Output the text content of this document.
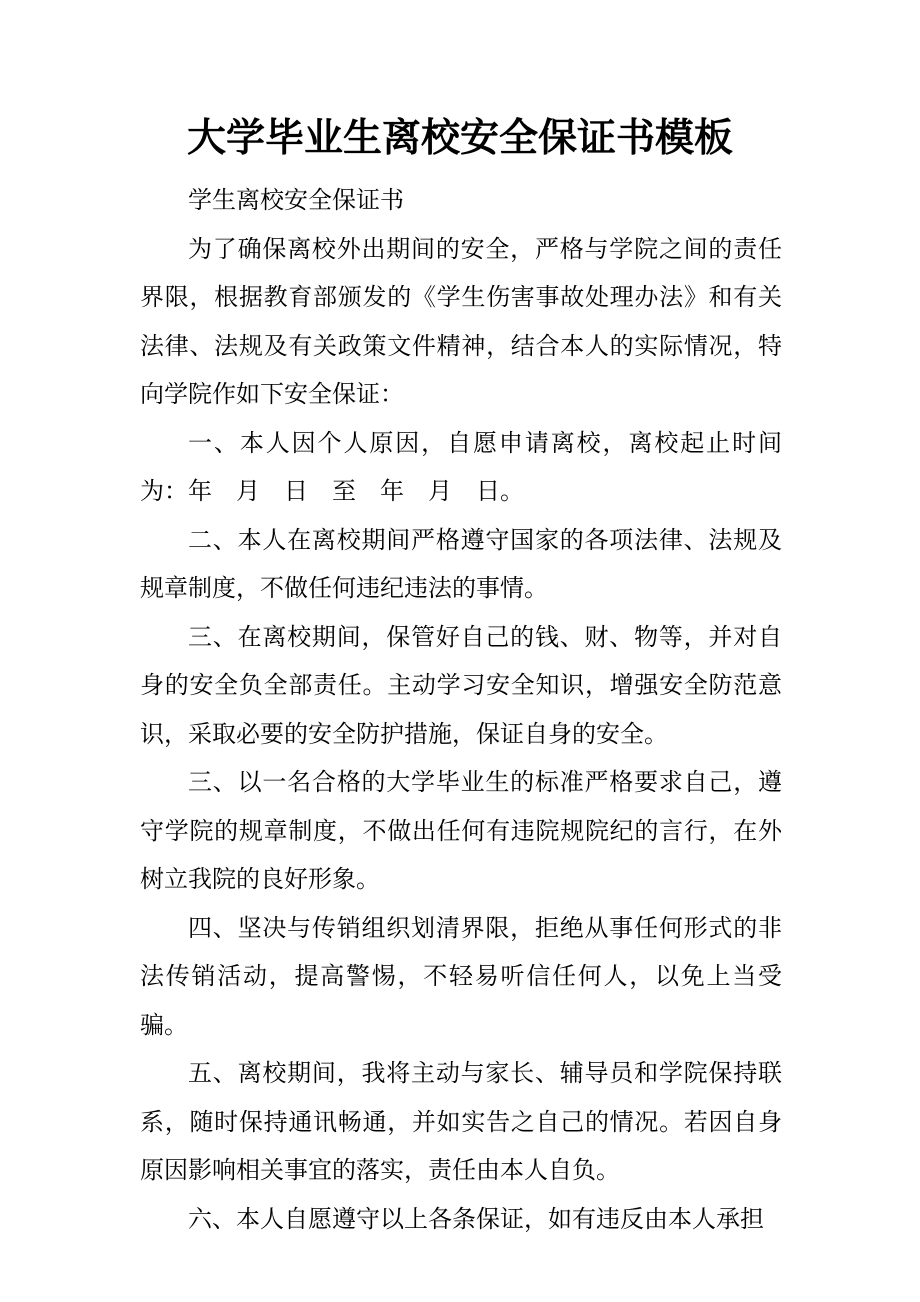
大学毕业生离校安全保证书模板

学生离校安全保证书

为了确保离校外出期间的安全，严格与学院之间的责任界限，根据教育部颁发的《学生伤害事故处理办法》和有关法律、法规及有关政策文件精神，结合本人的实际情况，特向学院作如下安全保证：

一、本人因个人原因，自愿申请离校，离校起止时间为：年　月　日　至　年　月　日。

二、本人在离校期间严格遵守国家的各项法律、法规及规章制度，不做任何违纪违法的事情。

三、在离校期间，保管好自己的钱、财、物等，并对自身的安全负全部责任。主动学习安全知识，增强安全防范意识，采取必要的安全防护措施，保证自身的安全。

三、以一名合格的大学毕业生的标准严格要求自己，遵守学院的规章制度，不做出任何有违院规院纪的言行，在外树立我院的良好形象。

四、坚决与传销组织划清界限，拒绝从事任何形式的非法传销活动，提高警惕，不轻易听信任何人，以免上当受骗。

五、离校期间，我将主动与家长、辅导员和学院保持联系，随时保持通讯畅通，并如实告之自己的情况。若因自身原因影响相关事宜的落实，责任由本人自负。

六、本人自愿遵守以上各条保证，如有违反由本人承担
